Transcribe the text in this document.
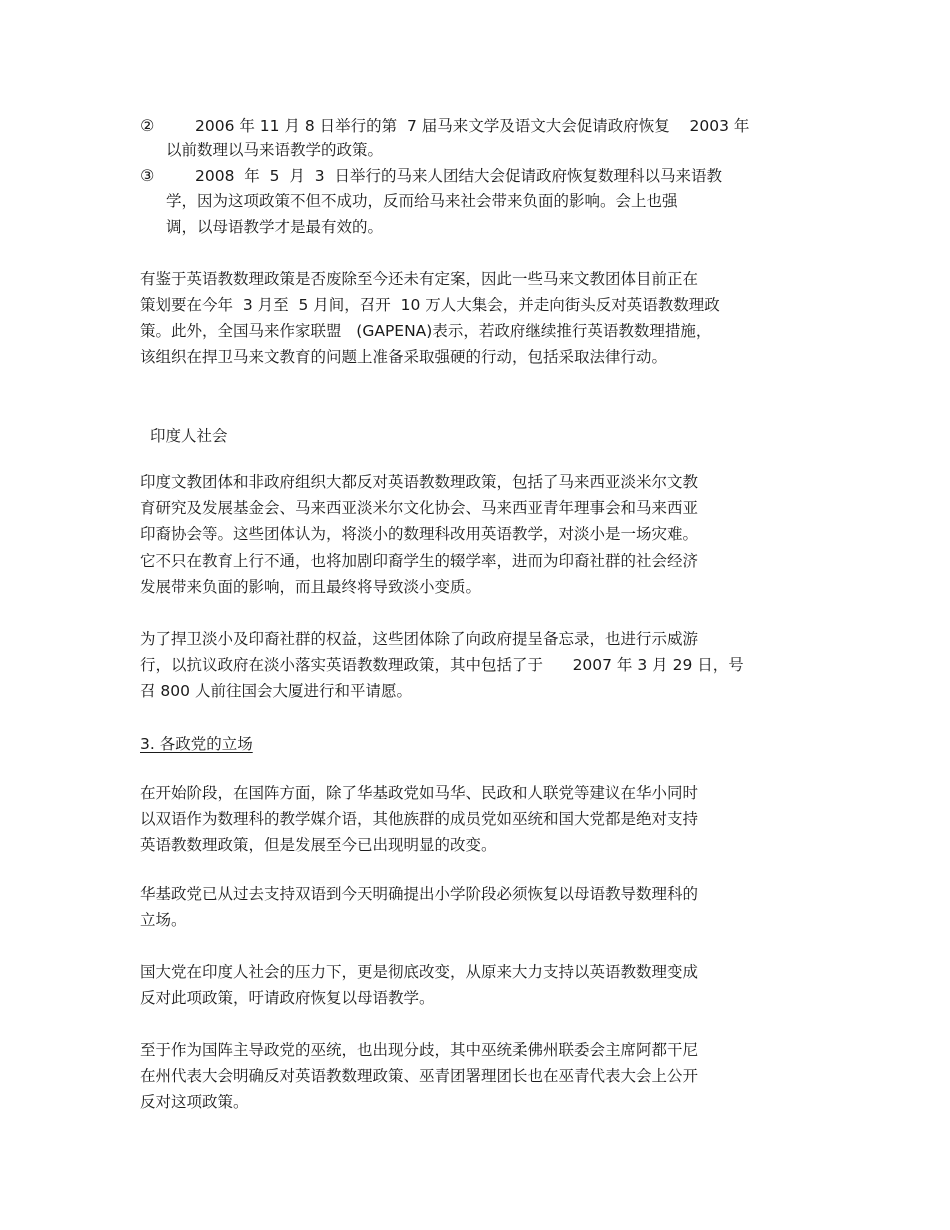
②	2006 年 11 月 8 日举行的第  7 届马来文学及语文大会促请政府恢复    2003 年
以前数理以马来语教学的政策。
③	2008  年  5  月  3  日举行的马来人团结大会促请政府恢复数理科以马来语教
学，因为这项政策不但不成功，反而给马来社会带来负面的影响。会上也强
调，以母语教学才是最有效的。
有鉴于英语教数理政策是否废除至今还未有定案，因此一些马来文教团体目前正在
策划要在今年  3 月至  5 月间，召开  10 万人大集会，并走向街头反对英语教数理政
策。此外，全国马来作家联盟   (GAPENA)表示，若政府继续推行英语教数理措施，
该组织在捍卫马来文教育的问题上准备采取强硬的行动，包括采取法律行动。
印度人社会
印度文教团体和非政府组织大都反对英语教数理政策，包括了马来西亚淡米尔文教
育研究及发展基金会、马来西亚淡米尔文化协会、马来西亚青年理事会和马来西亚
印裔协会等。这些团体认为，将淡小的数理科改用英语教学，对淡小是一场灾难。
它不只在教育上行不通，也将加剧印裔学生的辍学率，进而为印裔社群的社会经济
发展带来负面的影响，而且最终将导致淡小变质。
为了捍卫淡小及印裔社群的权益，这些团体除了向政府提呈备忘录，也进行示威游
行，以抗议政府在淡小落实英语教数理政策，其中包括了于      2007 年 3 月 29 日，号
召 800 人前往国会大厦进行和平请愿。
3. 各政党的立场
在开始阶段，在国阵方面，除了华基政党如马华、民政和人联党等建议在华小同时
以双语作为数理科的教学媒介语，其他族群的成员党如巫统和国大党都是绝对支持
英语教数理政策，但是发展至今已出现明显的改变。
华基政党已从过去支持双语到今天明确提出小学阶段必须恢复以母语教导数理科的
立场。
国大党在印度人社会的压力下，更是彻底改变，从原来大力支持以英语教数理变成
反对此项政策，吁请政府恢复以母语教学。
至于作为国阵主导政党的巫统，也出现分歧，其中巫统柔佛州联委会主席阿都干尼
在州代表大会明确反对英语教数理政策、巫青团署理团长也在巫青代表大会上公开
反对这项政策。
